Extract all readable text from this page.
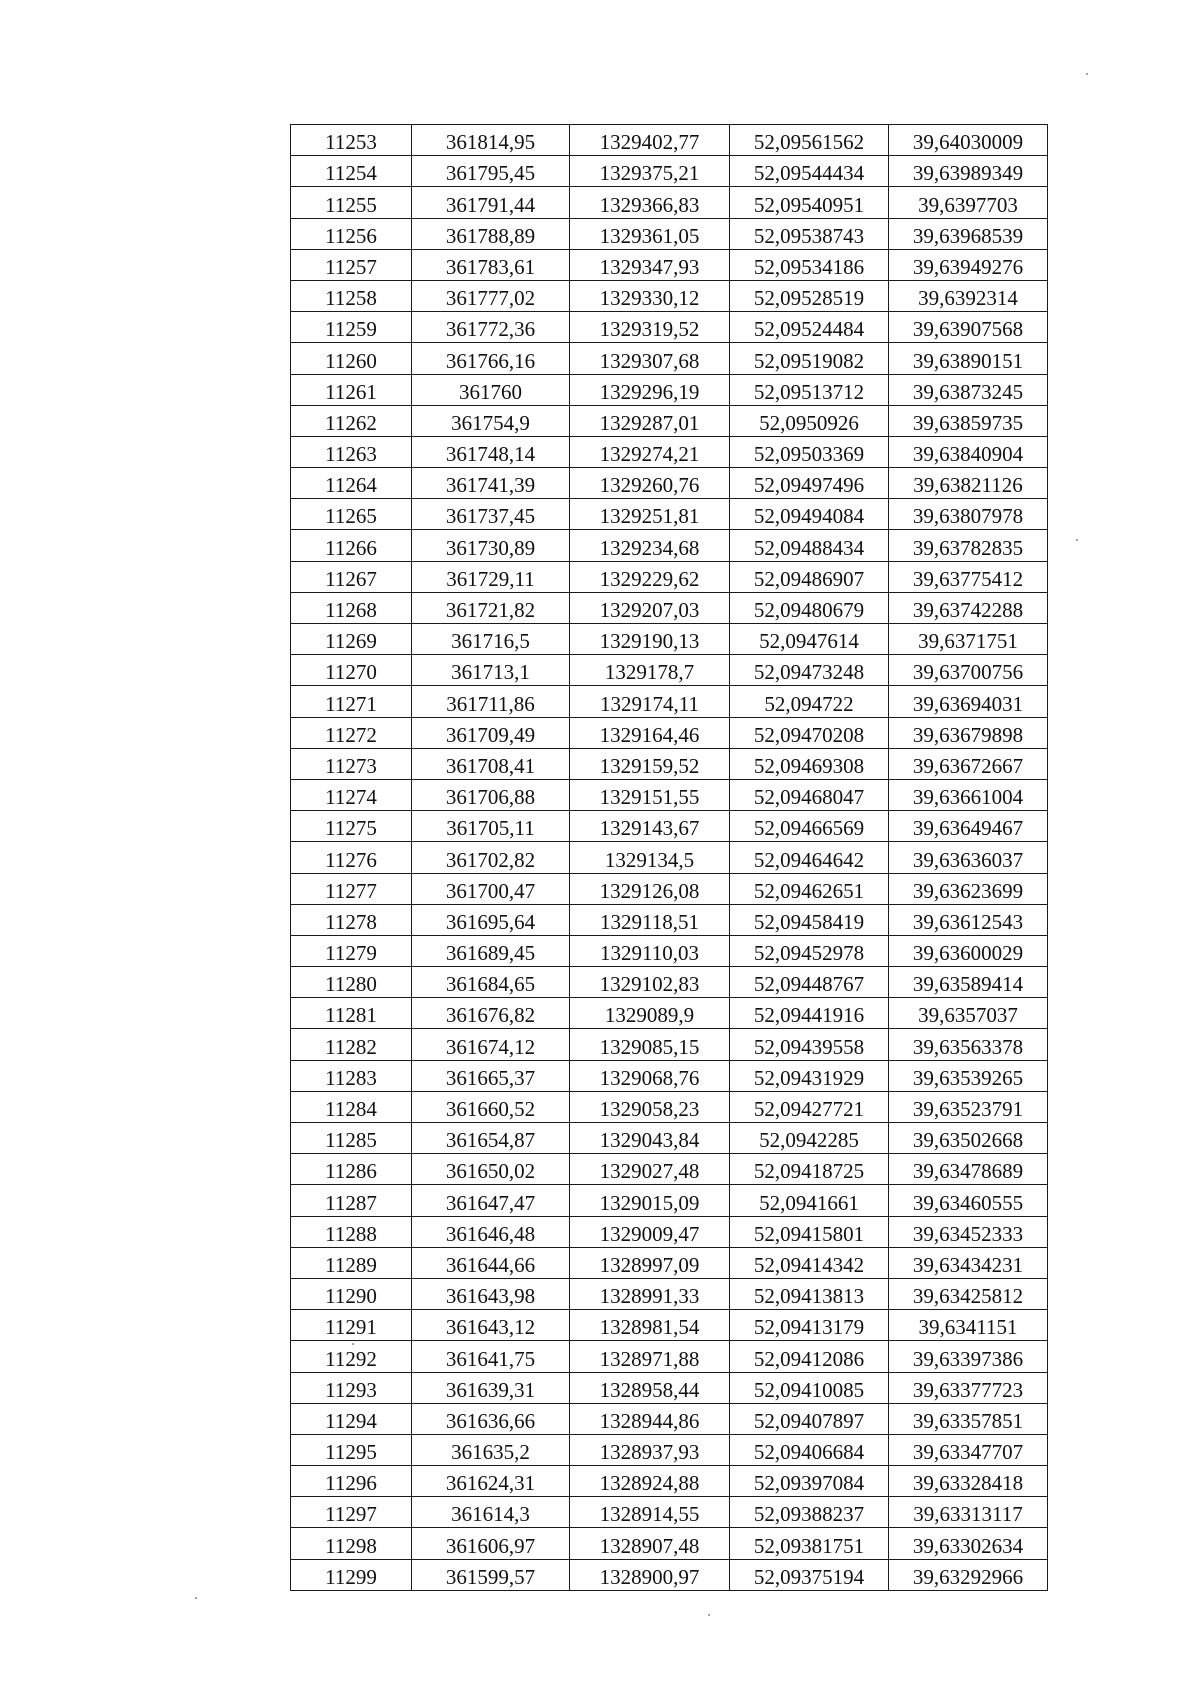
11253	361814,95	1329402,77	52,09561562	39,64030009
11254	361795,45	1329375,21	52,09544434	39,63989349
11255	361791,44	1329366,83	52,09540951	39,6397703
11256	361788,89	1329361,05	52,09538743	39,63968539
11257	361783,61	1329347,93	52,09534186	39,63949276
11258	361777,02	1329330,12	52,09528519	39,6392314
11259	361772,36	1329319,52	52,09524484	39,63907568
11260	361766,16	1329307,68	52,09519082	39,63890151
11261	361760	1329296,19	52,09513712	39,63873245
11262	361754,9	1329287,01	52,0950926	39,63859735
11263	361748,14	1329274,21	52,09503369	39,63840904
11264	361741,39	1329260,76	52,09497496	39,63821126
11265	361737,45	1329251,81	52,09494084	39,63807978
11266	361730,89	1329234,68	52,09488434	39,63782835
11267	361729,11	1329229,62	52,09486907	39,63775412
11268	361721,82	1329207,03	52,09480679	39,63742288
11269	361716,5	1329190,13	52,0947614	39,6371751
11270	361713,1	1329178,7	52,09473248	39,63700756
11271	361711,86	1329174,11	52,094722	39,63694031
11272	361709,49	1329164,46	52,09470208	39,63679898
11273	361708,41	1329159,52	52,09469308	39,63672667
11274	361706,88	1329151,55	52,09468047	39,63661004
11275	361705,11	1329143,67	52,09466569	39,63649467
11276	361702,82	1329134,5	52,09464642	39,63636037
11277	361700,47	1329126,08	52,09462651	39,63623699
11278	361695,64	1329118,51	52,09458419	39,63612543
11279	361689,45	1329110,03	52,09452978	39,63600029
11280	361684,65	1329102,83	52,09448767	39,63589414
11281	361676,82	1329089,9	52,09441916	39,6357037
11282	361674,12	1329085,15	52,09439558	39,63563378
11283	361665,37	1329068,76	52,09431929	39,63539265
11284	361660,52	1329058,23	52,09427721	39,63523791
11285	361654,87	1329043,84	52,0942285	39,63502668
11286	361650,02	1329027,48	52,09418725	39,63478689
11287	361647,47	1329015,09	52,0941661	39,63460555
11288	361646,48	1329009,47	52,09415801	39,63452333
11289	361644,66	1328997,09	52,09414342	39,63434231
11290	361643,98	1328991,33	52,09413813	39,63425812
11291	361643,12	1328981,54	52,09413179	39,6341151
11292	361641,75	1328971,88	52,09412086	39,63397386
11293	361639,31	1328958,44	52,09410085	39,63377723
11294	361636,66	1328944,86	52,09407897	39,63357851
11295	361635,2	1328937,93	52,09406684	39,63347707
11296	361624,31	1328924,88	52,09397084	39,63328418
11297	361614,3	1328914,55	52,09388237	39,63313117
11298	361606,97	1328907,48	52,09381751	39,63302634
11299	361599,57	1328900,97	52,09375194	39,63292966
